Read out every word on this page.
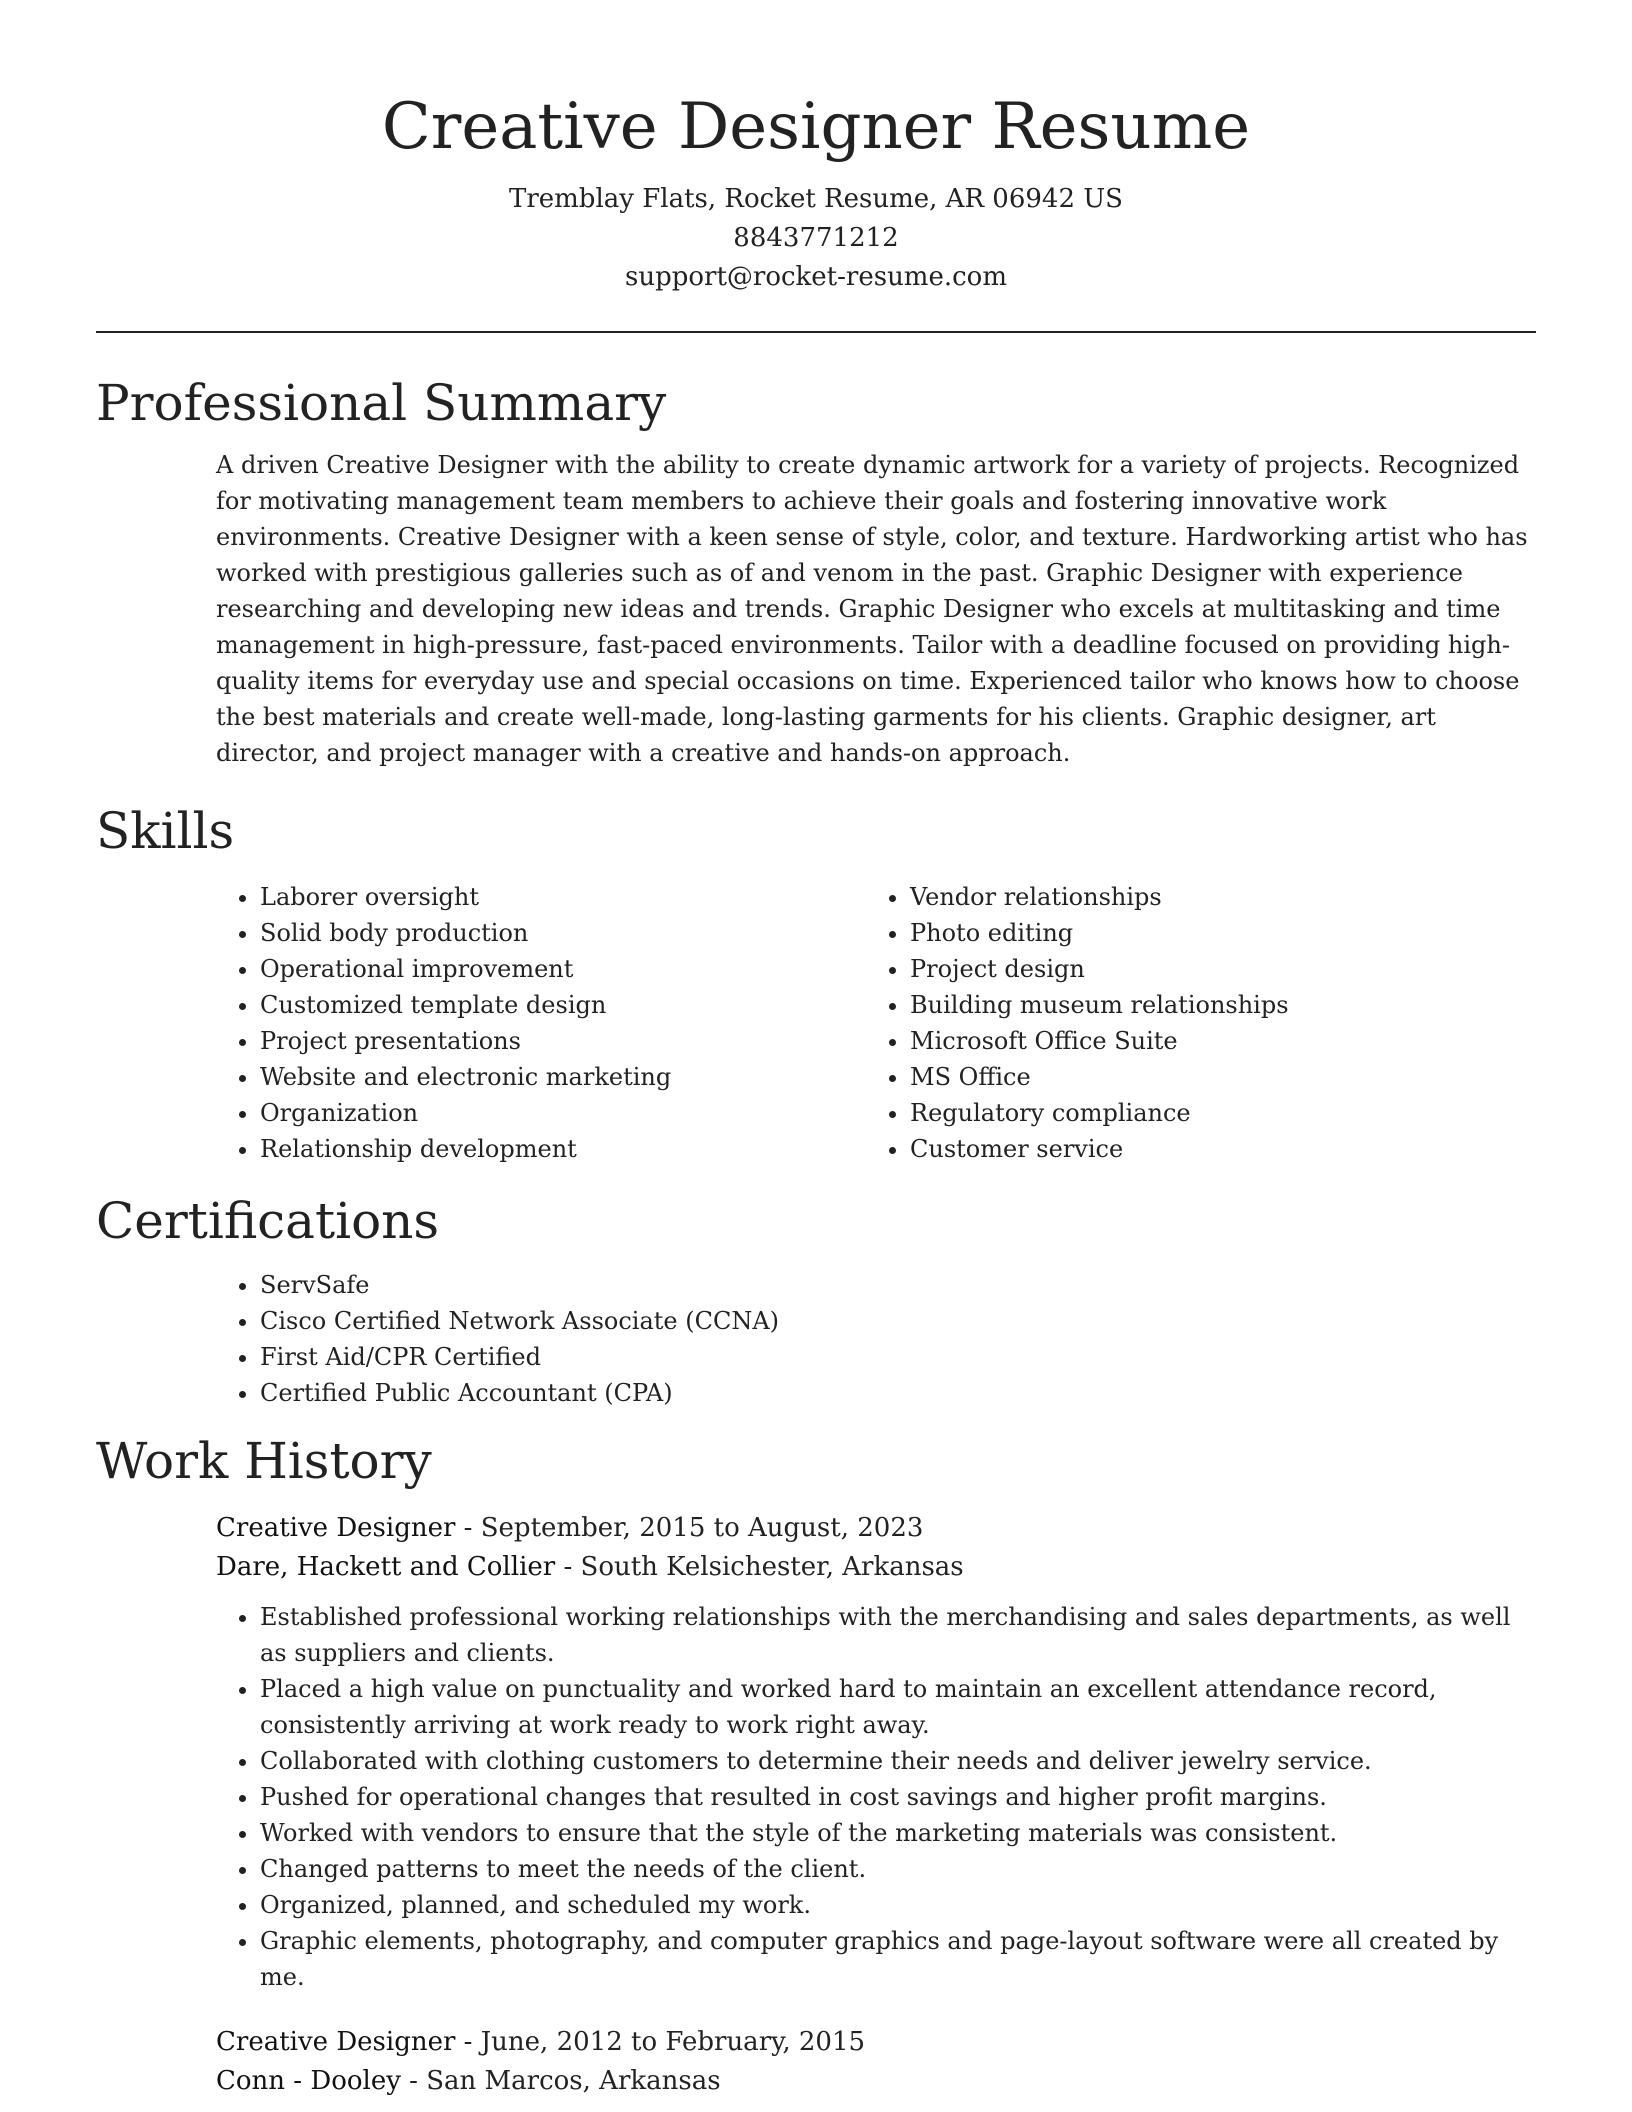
Creative Designer Resume
Tremblay Flats, Rocket Resume, AR 06942 US
8843771212
support@rocket-resume.com
Professional Summary
A driven Creative Designer with the ability to create dynamic artwork for a variety of projects. Recognized for motivating management team members to achieve their goals and fostering innovative work environments. Creative Designer with a keen sense of style, color, and texture. Hardworking artist who has worked with prestigious galleries such as of and venom in the past. Graphic Designer with experience researching and developing new ideas and trends. Graphic Designer who excels at multitasking and time management in high-pressure, fast-paced environments. Tailor with a deadline focused on providing high-quality items for everyday use and special occasions on time. Experienced tailor who knows how to choose the best materials and create well-made, long-lasting garments for his clients. Graphic designer, art director, and project manager with a creative and hands-on approach.
Skills
• Laborer oversight
• Solid body production
• Operational improvement
• Customized template design
• Project presentations
• Website and electronic marketing
• Organization
• Relationship development
• Vendor relationships
• Photo editing
• Project design
• Building museum relationships
• Microsoft Office Suite
• MS Office
• Regulatory compliance
• Customer service
Certifications
• ServSafe
• Cisco Certified Network Associate (CCNA)
• First Aid/CPR Certified
• Certified Public Accountant (CPA)
Work History
Creative Designer - September, 2015 to August, 2023
Dare, Hackett and Collier - South Kelsichester, Arkansas
• Established professional working relationships with the merchandising and sales departments, as well as suppliers and clients.
• Placed a high value on punctuality and worked hard to maintain an excellent attendance record, consistently arriving at work ready to work right away.
• Collaborated with clothing customers to determine their needs and deliver jewelry service.
• Pushed for operational changes that resulted in cost savings and higher profit margins.
• Worked with vendors to ensure that the style of the marketing materials was consistent.
• Changed patterns to meet the needs of the client.
• Organized, planned, and scheduled my work.
• Graphic elements, photography, and computer graphics and page-layout software were all created by me.
Creative Designer - June, 2012 to February, 2015
Conn - Dooley - San Marcos, Arkansas
